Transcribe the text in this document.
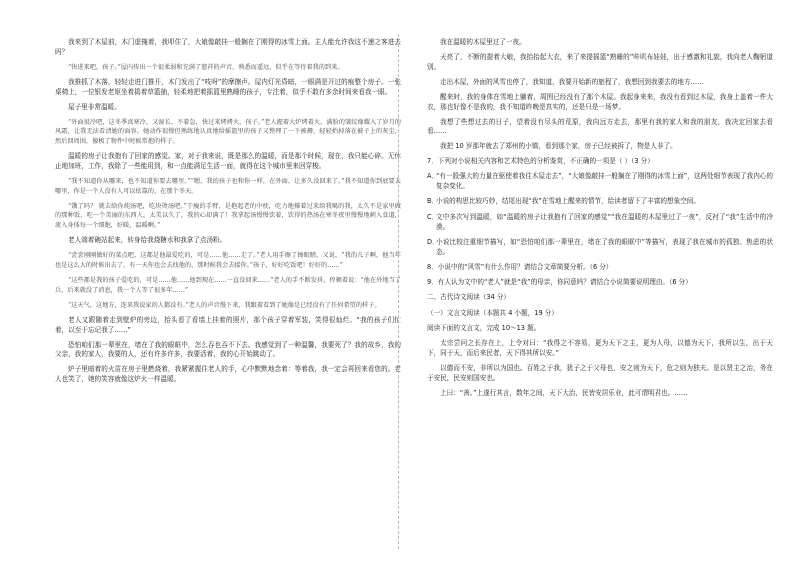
我来到了木屋前，木门虚掩着，我叩住了，大娘像敲挂一般搁在了刚得的冰雪上面。主人能允许我这不速之客进去吗？

“快进来吧，孩子。”屋内传出一个很柔弱和充满了慈祥的声音，熟悉而遥远，似乎在等待着我的到来。

我推抓了木落，轻轻走进门推开，木门发出了“吱呀”的摩擦声。屋内灯光昏暗，一眼满是开过的痕整个房子。一张桌椅上，一位银发老妪坐着捣着草篮抽，轻柔地把着摇篮里熟睡的孩子，专注着，似乎不敢有多余时间来看我一眼。

屋子里非常温暖。

“外面很冷吧，这冬季真寒冷，又湿长。不着急，快过来烤烤火，孩子。”老人握着大炉烤着火。满脸的皱纹像耀入了岁月的风霜，让我无法看清她的面容。她动作很慢但熟练地认真地给摇篮里的孩子又整理了一下被褥，轻轻抬掉落在被子上的灰尘，然后回周围，像极了物件中时候常抱的样子。

温暖的房子让我抱有了回家的感觉。家，对于我来说，既是那么的温暖，而是那个时候，现在，我只能心碎。无休止地加班，工作，我除了一些能用到，和一点能满足生活一面，就得在这个城市里来回穿梭。

“我不知道你从哪来，也不知道你要去哪里。”“嗯，我的孩子也和你一样，在外面，让多久没回来了。”我不知道你到底要去哪里，你是一个人没有人可以依靠的，在那个冬天。

“饿了吗？ 就去给你炖汤吧，吃块烫汤吧。”干瘦的手臂，是抱起老的中枕，吃力地撑着过来给我喝的我，太久不是家里做的那种饭，吃一个美丽的东西人。太美以久了，我的心却满了！我拿起汤慢慢饮着，饮得的热汤在寒冬夜里慢慢地刺入食道，流入身体每一个细胞，好暖，温暖啊。”

老人端着碗站起来，转身给我烧糖水和我拿了点汤粉。

“尝尝刚刚做好的菜点吧，这都是他最爱吃的，可是……他……走了。”老人用手擦了擦眼睛，又说，“我的儿子啊，他当年也是这么大的时候出去了，有一天你也会去找他的，那时候我会去接你。”孩子，好好吃饭吧！好好的……”

“这些都是我的孩子爱吃的，可是……他……他到现在……一直没回来……”老人的手不断发抖，停顿着说：“他在外地当了兵，后来就没了消息，我一个人等了很多年……”

“这天气，这地方，连来我说家的人都没有。”老人的声音慢下来，我跟着看到了她像是已经没有了任何希望的样子。

老人又跟随着走到壁炉的旁边，抬头看了看墙上挂着的照片，那个孩子穿着军装，笑得很灿烂。“我的孩子们忙着，以至于忘记我了……”

恐怕咱们那一辈里在，堵在了我的眼眶中，怎么吞也吞不下去。我感觉到了一种温馨，我要死了？我的故乡，我的父亲，我的家人，我要的人，还有许多许多，我要活着，我的心开始跳动了。

炉子里暗着的火苗在房子里燃烧着，我紧紧握住老人的手，心中默默地念着：等着我，我一定会再回来看您的。老人也笑了，她的笑容就像这炉火一样温暖。

我在温暖的木屋里过了一夜。

天亮了，不断的提着大娘，我抬抬起大衣，来了来提摇篮“熟睡的”咔叽布娃娃，出于感激和礼貌，我向老人鞠躬道别。

走出木屋，外面的风雪也停了，我知道，我要开始新的旅程了，我想回到我要去的地方……

醒来时，我的身体在雪地上躺着，周围已经没有了那个木屋。我起身来来，我没有看到过木屋，我身上盖着一件大衣，那也好像不是我的，我不知道昨晚是真实的，还是只是一场梦。

我想了些想过去的日子，望着没有尽头的荒原，我向远方走去，那里有我的家人和我的朋友，我决定回家去看看……

我把 10 岁那年就去了郑州的小镇，看到那个家，房子已经被拆了，物是人非了。

7．下列对小说相关内容和艺术特色的分析鉴赏，不正确的一项是（ ）（3 分）

A．
“有一股强大的力量在驱使着我往木屋走去”，“大娘像敲挂一般搁在了刚得的冰雪上面”，这两处细节表现了我内心的复杂变化。

B．
小说的构思比较巧妙，结尾出现“我”在雪地上醒来的情节，给读者留下了丰富的想象空间。

C．
文中多次写到温暖，如“温暖的房子让我抱有了回家的感觉”“我在温暖的木屋里过了一夜”，反衬了“我”生活中的冷漠。

D．
小说比较注重细节描写，如“恐怕咱们那一辈里在，堵在了我的眼眶中”等描写，表现了我在城市的孤独、焦虑的状态。

8．小说中的“风雪”有什么作用？请结合文章简要分析。（6 分）

9．有人认为文中的“老人”就是“我”的母亲，你同意吗？请结合小说简要说明理由。（6 分）

二、古代诗文阅读（34 分）

（一）文言文阅读（本题共 4 小题，19 分）

阅读下面的文言文，完成 10～13 题。

太宗尝问之长存在上，上令对曰：“我得之不容易，更为天下之主，更为人母，以德为天下，我所以生，出于天下，同于天，而后来民者，天下得其所以安。”

以德而不安，非所以为国也。百姓之于我，犹子之于父母也，安之则为天下，危之则为独夫。是以贤主之治，务在于安民，民安则国安也。

上曰：“善。”上遂行其言，数年之间，天下大治，民皆安居乐业，此可谓明君也。……
